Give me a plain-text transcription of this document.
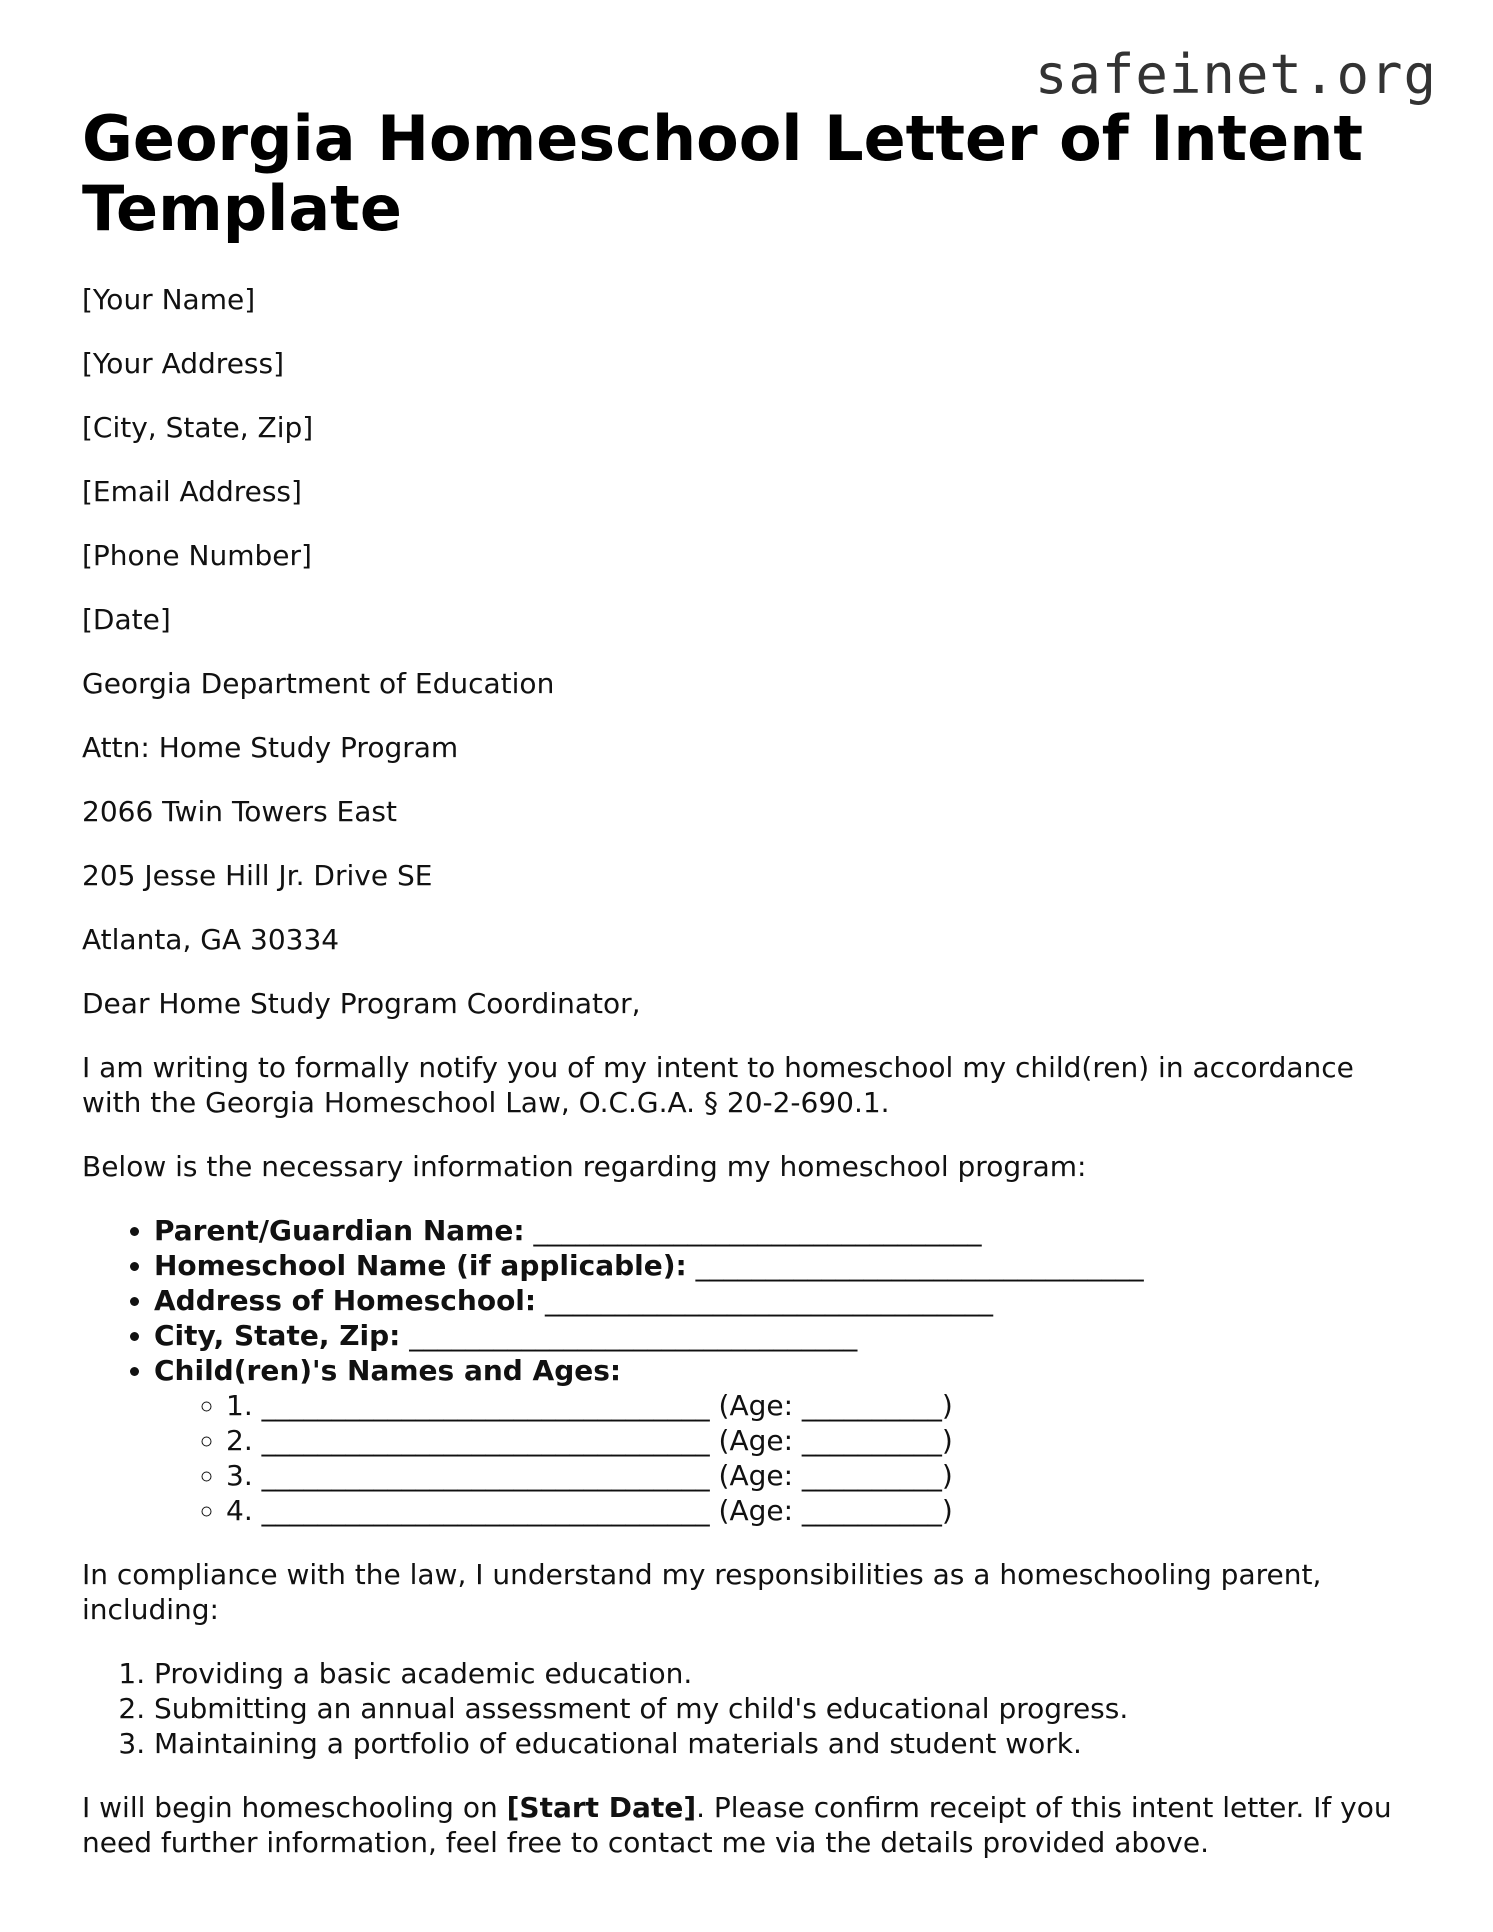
safeinet.org
Georgia Homeschool Letter of Intent Template

[Your Name]

[Your Address]

[City, State, Zip]

[Email Address]

[Phone Number]

[Date]

Georgia Department of Education

Attn: Home Study Program

2066 Twin Towers East

205 Jesse Hill Jr. Drive SE

Atlanta, GA 30334

Dear Home Study Program Coordinator,

I am writing to formally notify you of my intent to homeschool my child(ren) in accordance with the Georgia Homeschool Law, O.C.G.A. § 20-2-690.1.

Below is the necessary information regarding my homeschool program:

• Parent/Guardian Name: ________________________________
• Homeschool Name (if applicable): ________________________________
• Address of Homeschool: ________________________________
• City, State, Zip: ________________________________
• Child(ren)'s Names and Ages:
◦ 1. ________________________________ (Age: __________)
◦ 2. ________________________________ (Age: __________)
◦ 3. ________________________________ (Age: __________)
◦ 4. ________________________________ (Age: __________)

In compliance with the law, I understand my responsibilities as a homeschooling parent, including:

1. Providing a basic academic education.
2. Submitting an annual assessment of my child's educational progress.
3. Maintaining a portfolio of educational materials and student work.

I will begin homeschooling on [Start Date]. Please confirm receipt of this intent letter. If you need further information, feel free to contact me via the details provided above.
